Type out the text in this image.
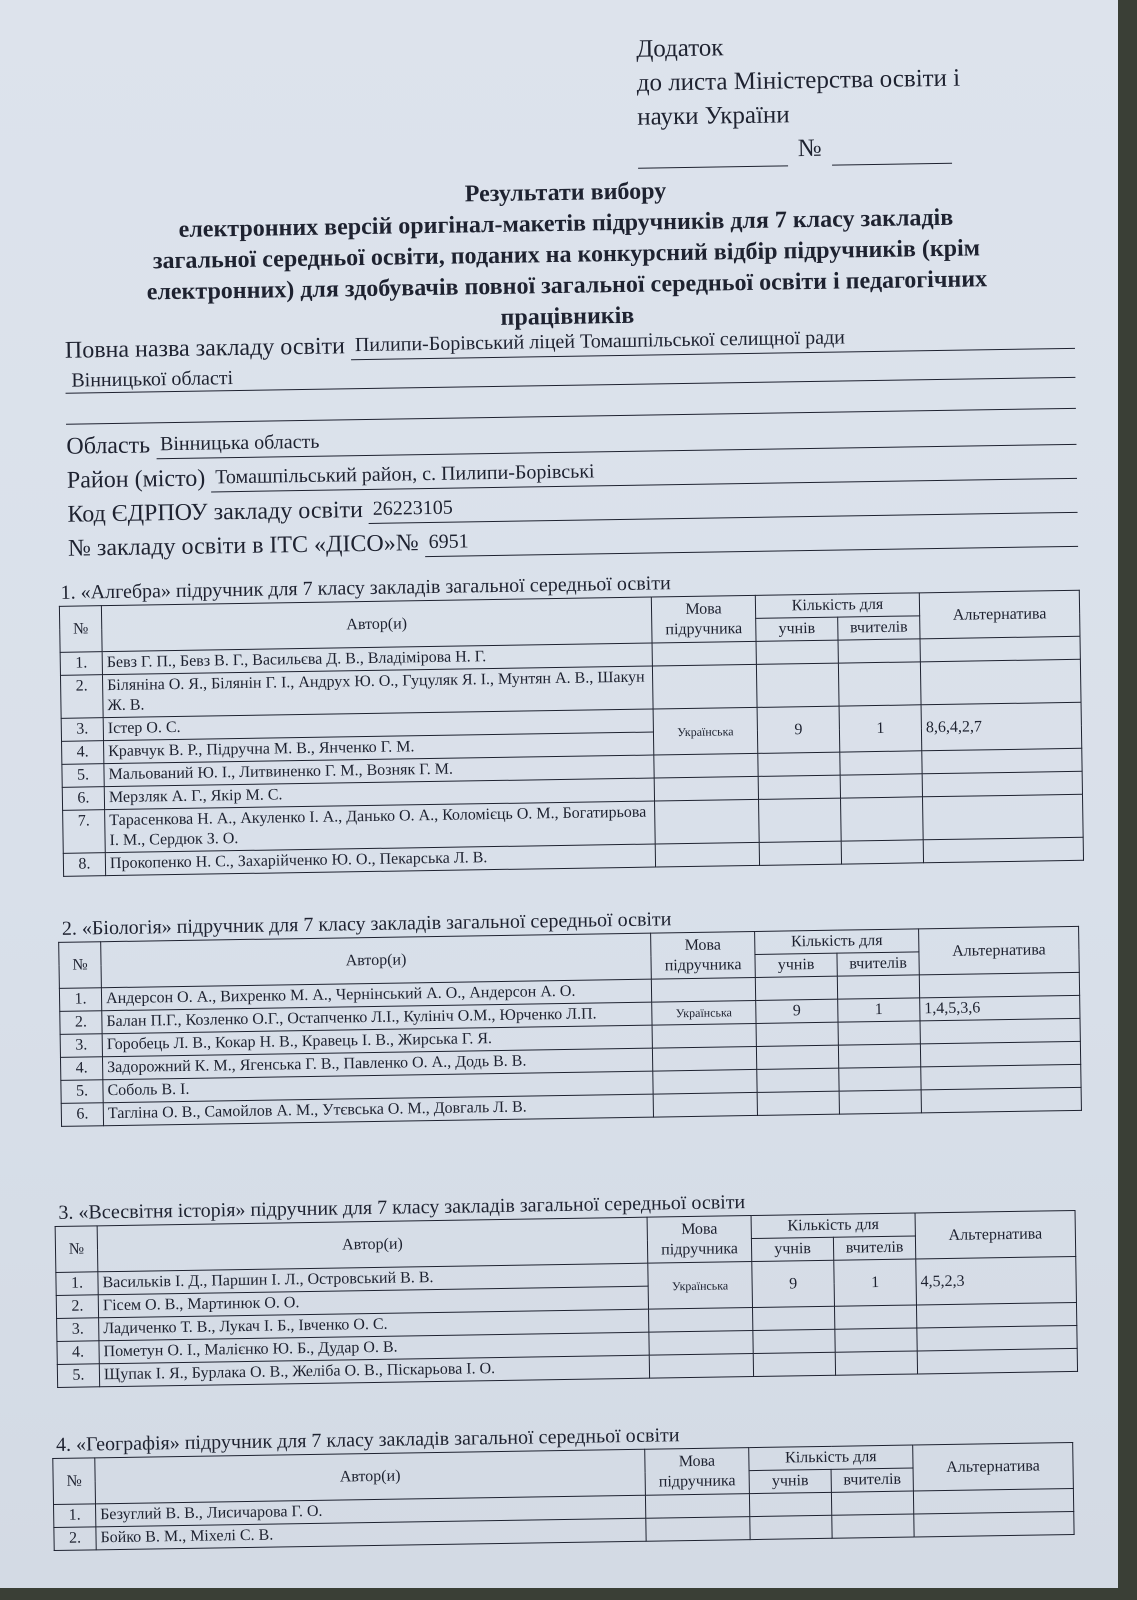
Додаток
до листа Міністерства освіти і
науки України
№
Результати вибору
електронних версій оригінал-макетів підручників для 7 класу закладів
загальної середньої освіти, поданих на конкурсний відбір підручників (крім
електронних) для здобувачів повної загальної середньої освіти і педагогічних
працівників
Повна назва закладу освіти Пилипи-Борівський ліцей Томашпільської селищної ради
Вінницької області
Область Вінницька область
Район (місто) Томашпільський район, с. Пилипи-Борівські
Код ЄДРПОУ закладу освіти 26223105
№ закладу освіти в ІТС «ДІСО»№ 6951
1. «Алгебра» підручник для 7 класу закладів загальної середньої освіти
№	Автор(и)	Мова підручника	Кількість для		Альтернатива
			учнів	вчителів	
1.	Бевз Г. П., Бевз В. Г., Васильєва Д. В., Владімірова Н. Г.				
2.	Біляніна О. Я., Білянін Г. І., Андрух Ю. О., Гуцуляк Я. І., Мунтян А. В., Шакун Ж. В.				
3.	Істер О. С.	Українська	9	1	8,6,4,2,7
4.	Кравчук В. Р., Підручна М. В., Янченко Г. М.				
5.	Мальований Ю. І., Литвиненко Г. М., Возняк Г. М.				
6.	Мерзляк А. Г., Якір М. С.				
7.	Тарасенкова Н. А., Акуленко І. А., Данько О. А., Коломієць О. М., Богатирьова І. М., Сердюк З. О.				
8.	Прокопенко Н. С., Захарійченко Ю. О., Пекарська Л. В.				
2. «Біологія» підручник для 7 класу закладів загальної середньої освіти
№	Автор(и)	Мова підручника	Кількість для		Альтернатива
			учнів	вчителів	
1.	Андерсон О. А., Вихренко М. А., Чернінський А. О., Андерсон А. О.				
2.	Балан П.Г., Козленко О.Г., Остапченко Л.І., Кулініч О.М., Юрченко Л.П.	Українська	9	1	1,4,5,3,6
3.	Горобець Л. В., Кокар Н. В., Кравець І. В., Жирська Г. Я.				
4.	Задорожний К. М., Ягенська Г. В., Павленко О. А., Додь В. В.				
5.	Соболь В. І.				
6.	Тагліна О. В., Самойлов А. М., Утєвська О. М., Довгаль Л. В.				
3. «Всесвітня історія» підручник для 7 класу закладів загальної середньої освіти
№	Автор(и)	Мова підручника	Кількість для		Альтернатива
			учнів	вчителів	
1.	Васильків І. Д., Паршин І. Л., Островський В. В.	Українська	9	1	4,5,2,3
2.	Гісем О. В., Мартинюк О. О.				
3.	Ладиченко Т. В., Лукач І. Б., Івченко О. С.				
4.	Пометун О. І., Малієнко Ю. Б., Дудар О. В.				
5.	Щупак І. Я., Бурлака О. В., Желіба О. В., Піскарьова І. О.				
4. «Географія» підручник для 7 класу закладів загальної середньої освіти
№	Автор(и)	Мова підручника	Кількість для		Альтернатива
			учнів	вчителів	
1.	Безуглий В. В., Лисичарова Г. О.				
2.	Бойко В. М., Міхелі С. В.				
